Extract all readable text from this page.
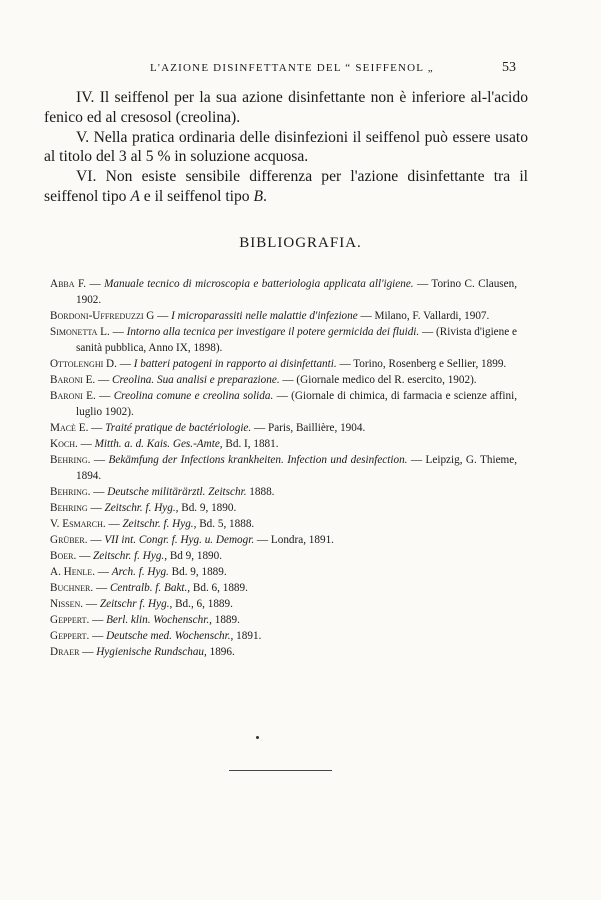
L'AZIONE DISINFETTANTE DEL “ SEIFFENOL „	53

IV. Il seiffenol per la sua azione disinfettante non è inferiore al-l'acido fenico ed al cresosol (creolina).

V. Nella pratica ordinaria delle disinfezioni il seiffenol può essere usato al titolo del 3 al 5 % in soluzione acquosa.

VI. Non esiste sensibile differenza per l'azione disinfettante tra il seiffenol tipo A e il seiffenol tipo B.

BIBLIOGRAFIA.

Abba F. — Manuale tecnico di microscopia e batteriologia applicata all'igiene. — Torino C. Clausen, 1902.

Bordoni-Uffreduzzi G — I microparassiti nelle malattie d'infezione — Milano, F. Vallardi, 1907.

Simonetta L. — Intorno alla tecnica per investigare il potere germicida dei fluidi. — (Rivista d'igiene e sanità pubblica, Anno IX, 1898).

Ottolenghi D. — I batteri patogeni in rapporto ai disinfettanti. — Torino, Rosenberg e Sellier, 1899.

Baroni E. — Creolina. Sua analisi e preparazione. — (Giornale medico del R. esercito, 1902).

Baroni E. — Creolina comune e creolina solida. — (Giornale di chimica, di farmacia e scienze affini, luglio 1902).

Macè E. — Traité pratique de bactériologie. — Paris, Baillière, 1904.

Koch. — Mitth. a. d. Kais. Ges.-Amte, Bd. I, 1881.

Behring. — Bekämfung der Infections krankheiten. Infection und desinfection. — Leipzig, G. Thieme, 1894.

Behring. — Deutsche militärärztl. Zeitschr. 1888.

Behring — Zeitschr. f. Hyg., Bd. 9, 1890.

V. Esmarch. — Zeitschr. f. Hyg., Bd. 5, 1888.

Grüber. — VII int. Congr. f. Hyg. u. Demogr. — Londra, 1891.

Boer. — Zeitschr. f. Hyg., Bd 9, 1890.

A. Henle. — Arch. f. Hyg. Bd. 9, 1889.

Buchner. — Centralb. f. Bakt., Bd. 6, 1889.

Nissen. — Zeitschr f. Hyg., Bd., 6, 1889.

Geppert. — Berl. klin. Wochenschr., 1889.

Geppert. — Deutsche med. Wochenschr., 1891.

Draer — Hygienische Rundschau, 1896.
